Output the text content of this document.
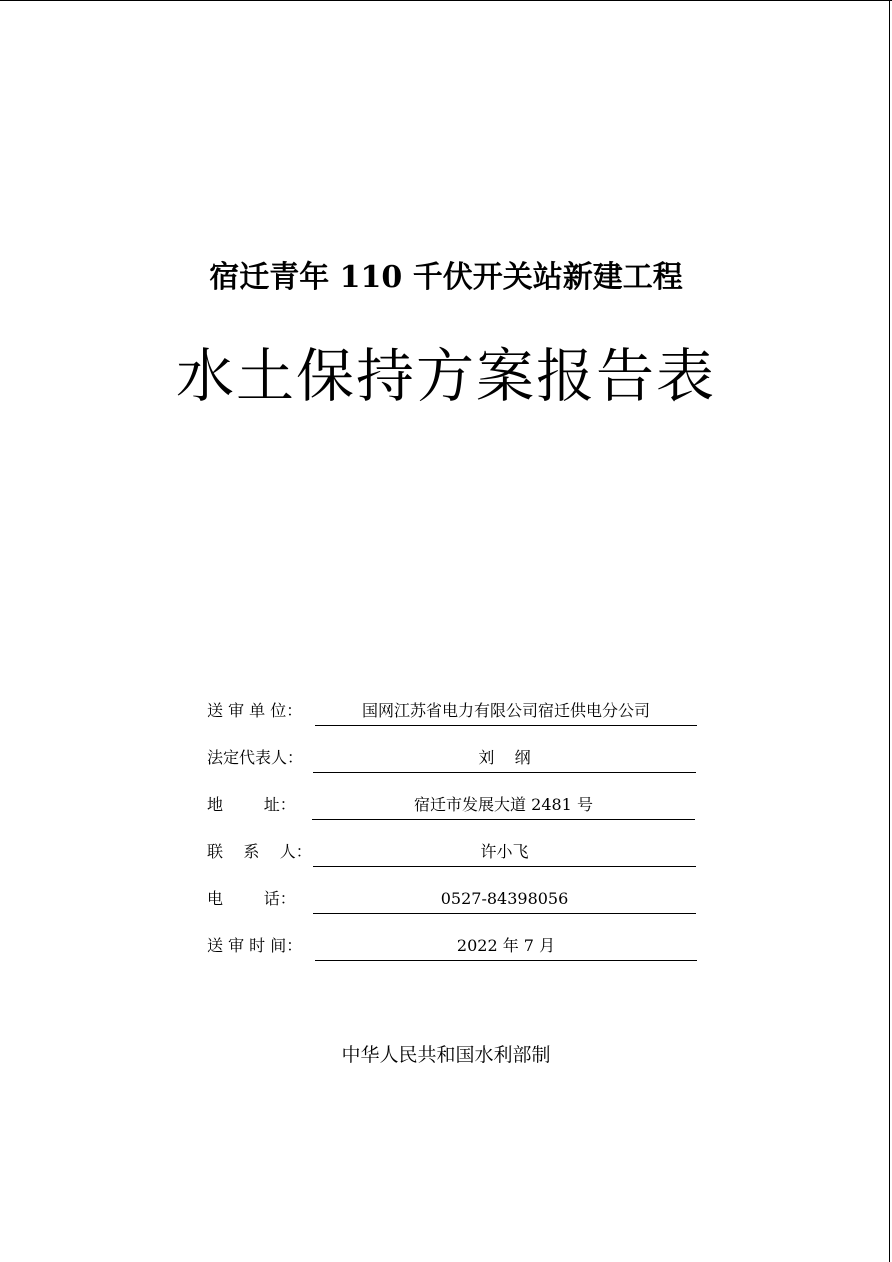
宿迁青年 110 千伏开关站新建工程
水土保持方案报告表
送 审 单 位：	国网江苏省电力有限公司宿迁供电分公司
法定代表人：	刘    纲
地        址：	宿迁市发展大道 2481 号
联    系    人：	许小飞
电        话：	0527-84398056
送 审 时 间：	2022 年 7 月
中华人民共和国水利部制
